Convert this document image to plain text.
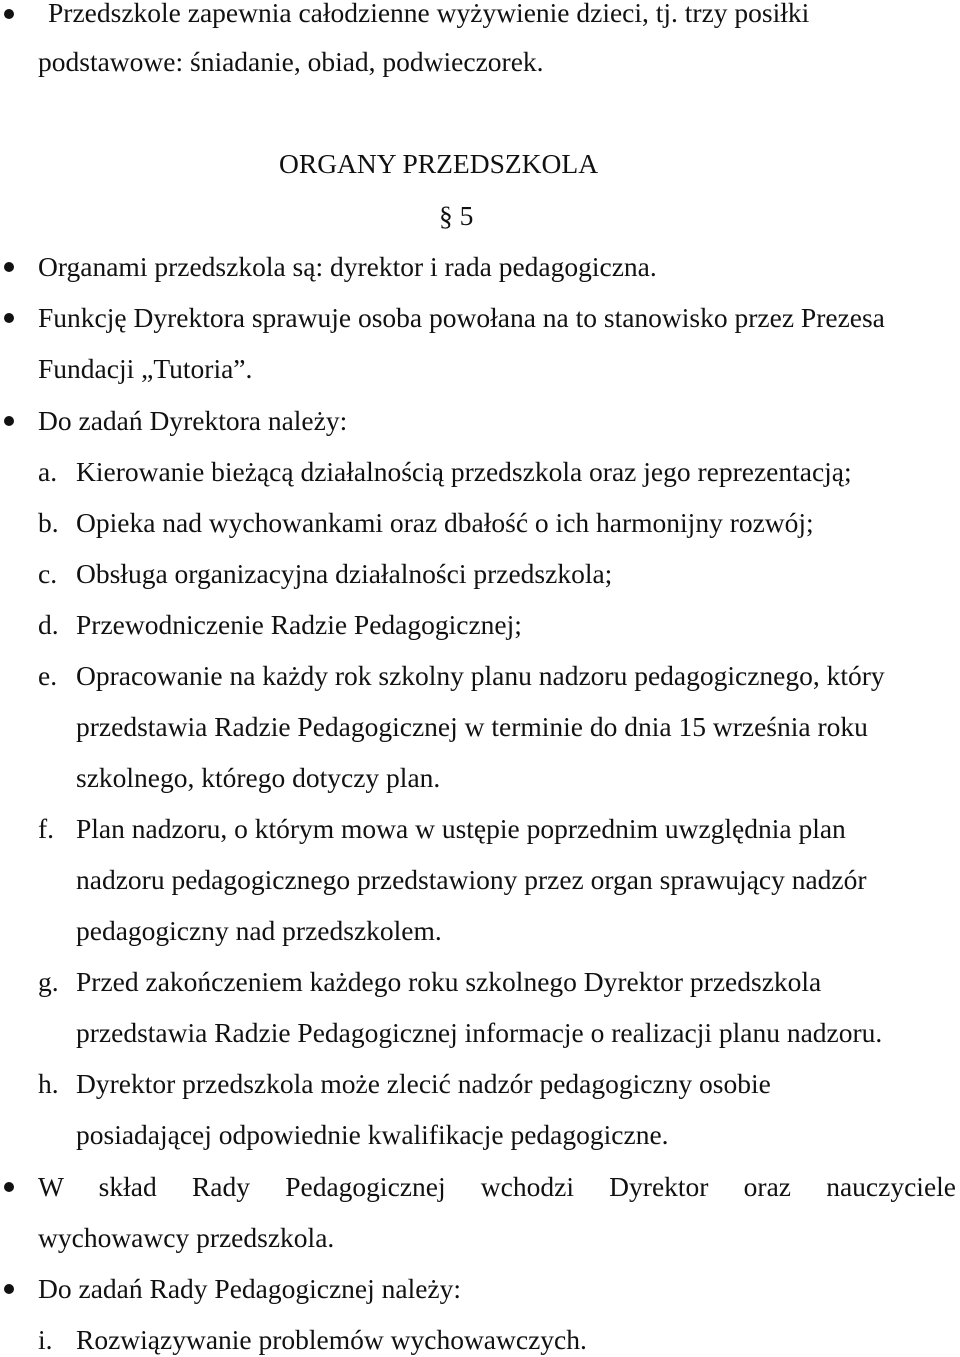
Przedszkole zapewnia całodzienne wyżywienie dzieci, tj. trzy posiłki
podstawowe: śniadanie, obiad, podwieczorek.
ORGANY PRZEDSZKOLA
§ 5
Organami przedszkola są: dyrektor i rada pedagogiczna.
Funkcję Dyrektora sprawuje osoba powołana na to stanowisko przez Prezesa
Fundacji „Tutoria”.
Do zadań Dyrektora należy:
a. Kierowanie bieżącą działalnością przedszkola oraz jego reprezentacją;
b. Opieka nad wychowankami oraz dbałość o ich harmonijny rozwój;
c. Obsługa organizacyjna działalności przedszkola;
d. Przewodniczenie Radzie Pedagogicznej;
e. Opracowanie na każdy rok szkolny planu nadzoru pedagogicznego, który
przedstawia Radzie Pedagogicznej w terminie do dnia 15 września roku
szkolnego, którego dotyczy plan.
f. Plan nadzoru, o którym mowa w ustępie poprzednim uwzględnia plan
nadzoru pedagogicznego przedstawiony przez organ sprawujący nadzór
pedagogiczny nad przedszkolem.
g. Przed zakończeniem każdego roku szkolnego Dyrektor przedszkola
przedstawia Radzie Pedagogicznej informacje o realizacji planu nadzoru.
h. Dyrektor przedszkola może zlecić nadzór pedagogiczny osobie
posiadającej odpowiednie kwalifikacje pedagogiczne.
W skład Rady Pedagogicznej wchodzi Dyrektor oraz nauczyciele
wychowawcy przedszkola.
Do zadań Rady Pedagogicznej należy:
i. Rozwiązywanie problemów wychowawczych.
